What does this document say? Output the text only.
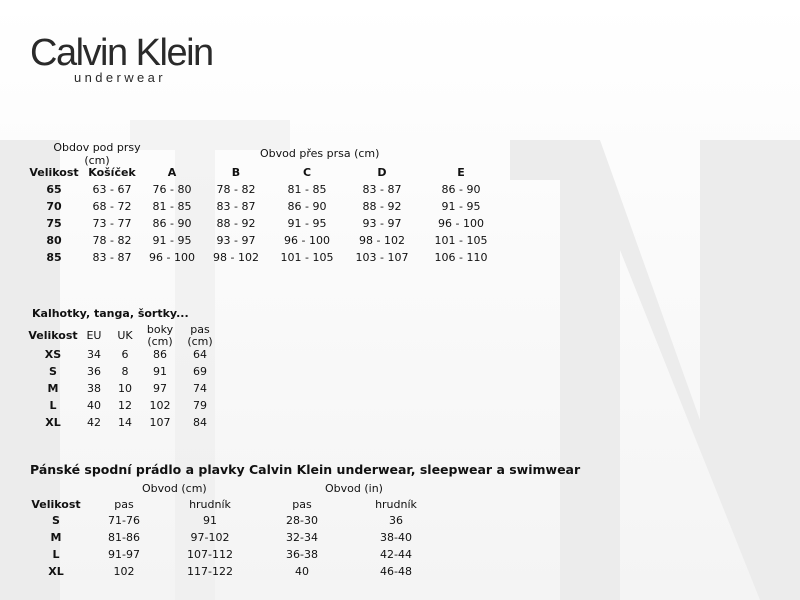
Calvin Klein
underwear
Obdov pod prsy
(cm)
Obvod přes prsa (cm)
Velikost Košíček	A	B	C	D	E
65	63 - 67	76 - 80	78 - 82	81 - 85	83 - 87	86 - 90
70	68 - 72	81 - 85	83 - 87	86 - 90	88 - 92	91 - 95
75	73 - 77	86 - 90	88 - 92	91 - 95	93 - 97	96 - 100
80	78 - 82	91 - 95	93 - 97	96 - 100	98 - 102	101 - 105
85	83 - 87	96 - 100	98 - 102	101 - 105	103 - 107	106 - 110
Kalhotky, tanga, šortky...
Velikost EU	UK	boky
(cm)
pas
(cm)
XS	34	6	86	64
S	36	8	91	69
M	38	10	97	74
L	40	12	102	79
XL	42	14	107	84
Pánské spodní prádlo a plavky Calvin Klein underwear, sleepwear a swimwear
Obvod (cm)	Obvod (in)
Velikost	pas	hrudník	pas	hrudník
S	71-76	91	28-30	36
M	81-86	97-102	32-34	38-40
L	91-97	107-112	36-38	42-44
XL	102	117-122	40	46-48
